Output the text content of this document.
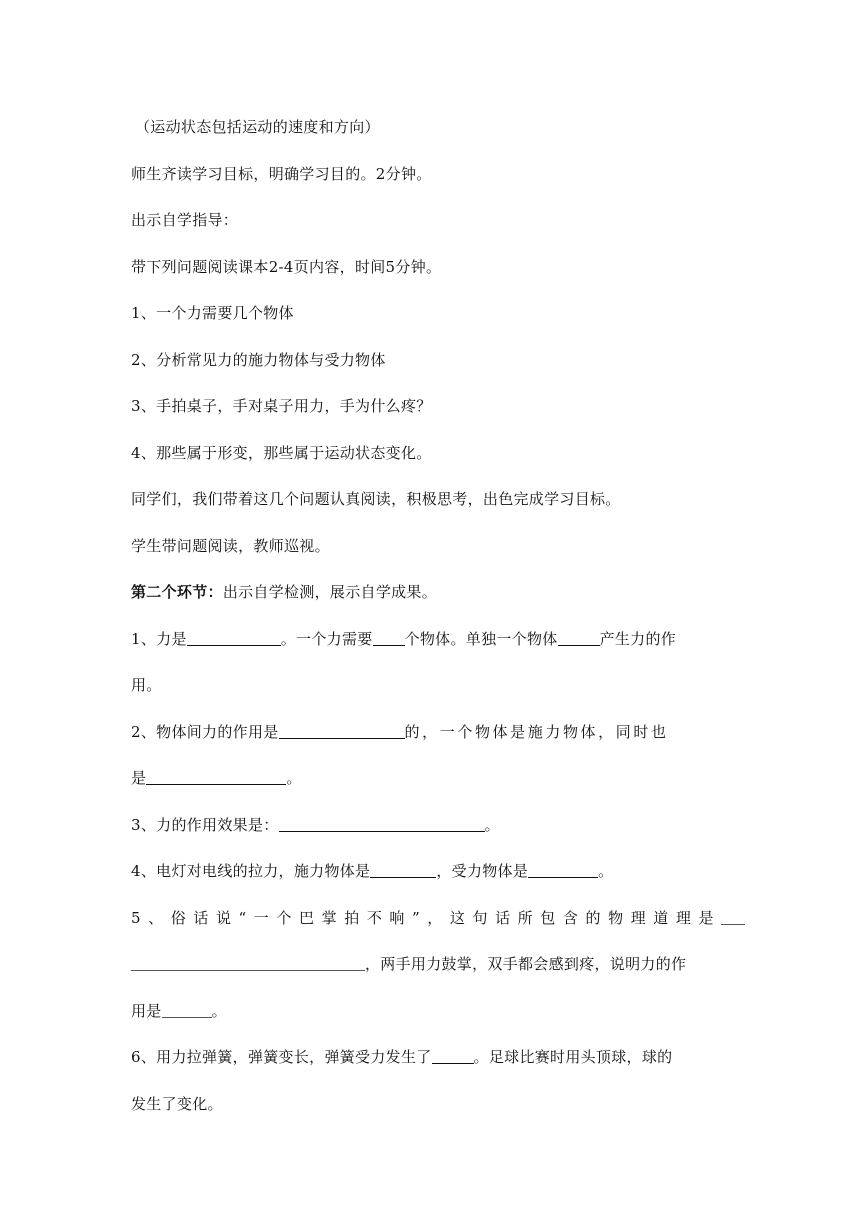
（运动状态包括运动的速度和方向）
师生齐读学习目标，明确学习目的。2分钟。
出示自学指导：
带下列问题阅读课本2-4页内容，时间5分钟。
1、一个力需要几个物体
2、分析常见力的施力物体与受力物体
3、手拍桌子，手对桌子用力，手为什么疼？
4、那些属于形变，那些属于运动状态变化。
同学们，我们带着这几个问题认真阅读，积极思考，出色完成学习目标。
学生带问题阅读，教师巡视。
第二个环节：出示自学检测，展示自学成果。
1、力是	。一个力需要 个物体。单独一个物体	产生力的作
用。
2、物体间力的作用是	的，一个物体是施力物体，同时也
是	。
3、力的作用效果是：	。
4、电灯对电线的拉力，施力物体是	，受力物体是	。
5、俗话说“一个巴掌拍不响”，这句话所包含的物理道理是
，两手用力鼓掌，双手都会感到疼，说明力的作
用是	。
6、用力拉弹簧，弹簧变长，弹簧受力发生了	。足球比赛时用头顶球，球的
发生了变化。
